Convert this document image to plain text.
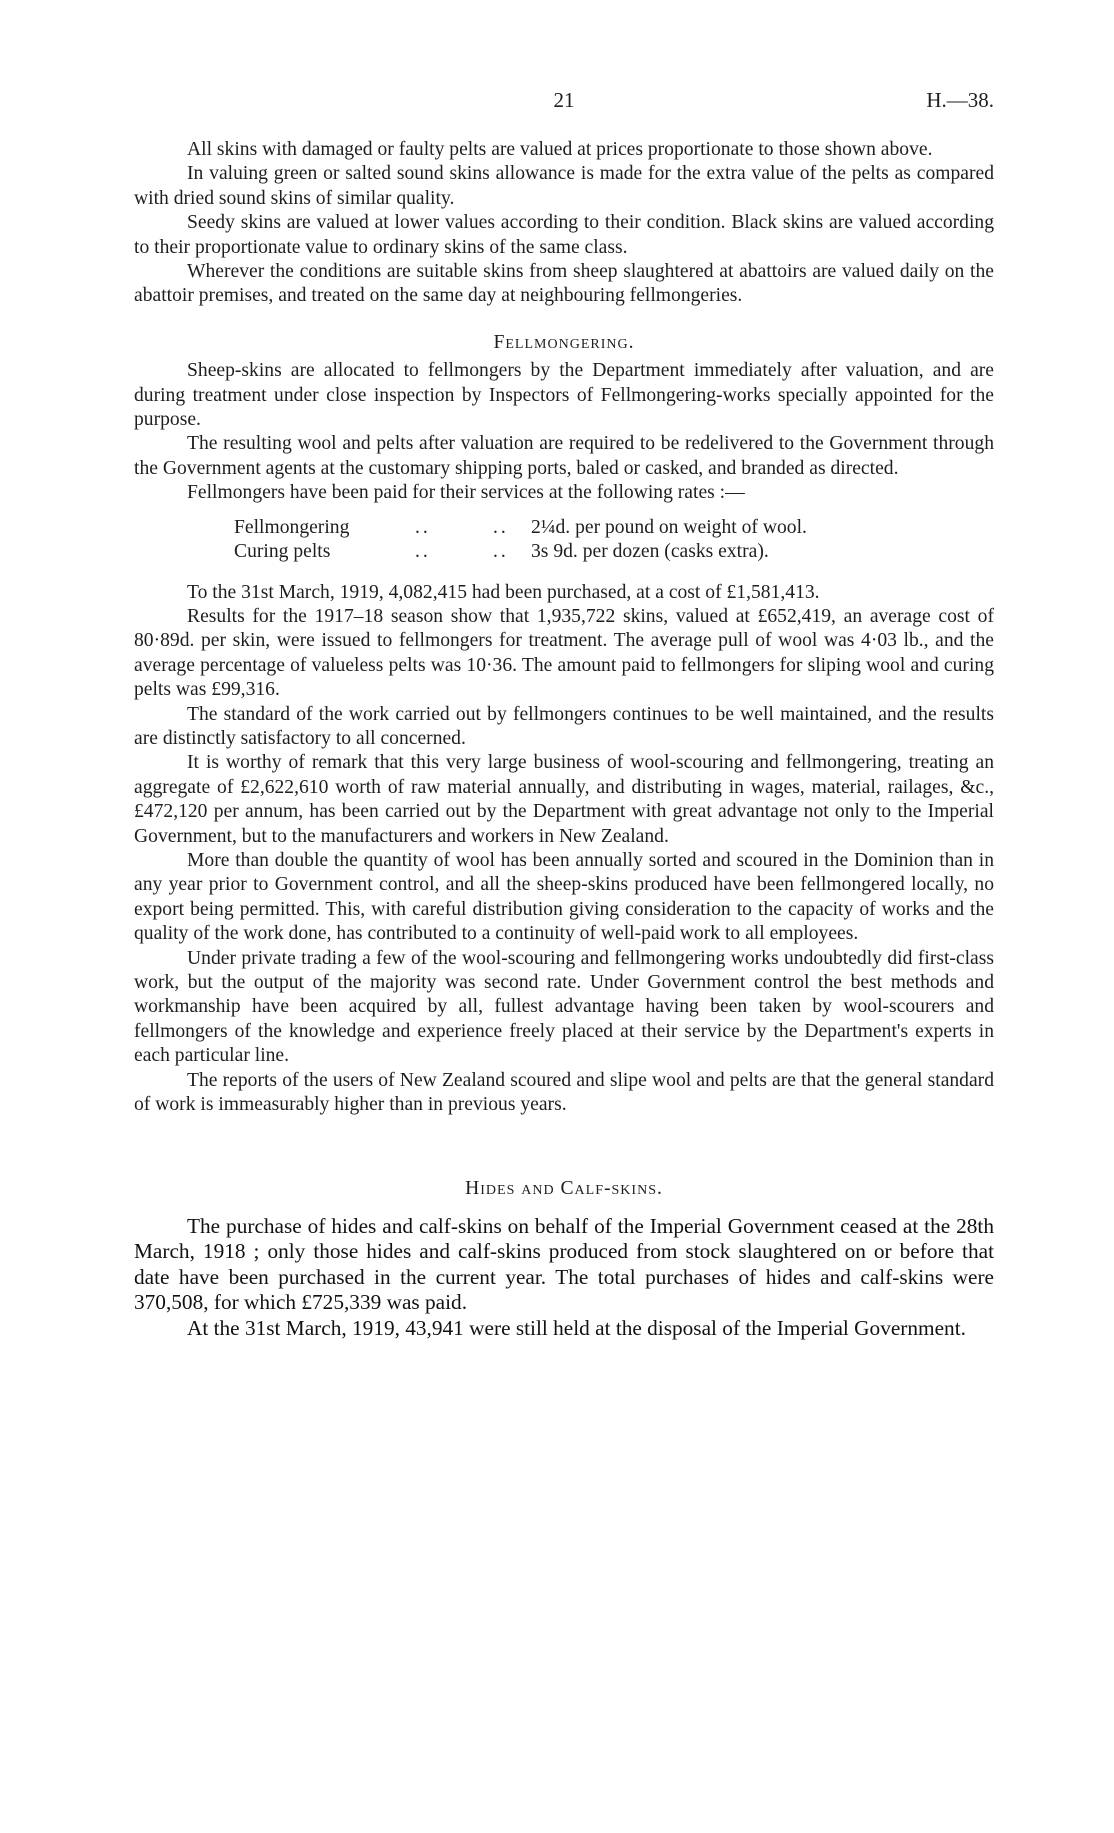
21	H.—38.

All skins with damaged or faulty pelts are valued at prices proportionate to those shown above.

In valuing green or salted sound skins allowance is made for the extra value of the pelts as compared with dried sound skins of similar quality.

Seedy skins are valued at lower values according to their condition. Black skins are valued according to their proportionate value to ordinary skins of the same class.

Wherever the conditions are suitable skins from sheep slaughtered at abattoirs are valued daily on the abattoir premises, and treated on the same day at neighbouring fellmongeries.

Fellmongering.

Sheep-skins are allocated to fellmongers by the Department immediately after valuation, and are during treatment under close inspection by Inspectors of Fellmongering-works specially appointed for the purpose.

The resulting wool and pelts after valuation are required to be redelivered to the Government through the Government agents at the customary shipping ports, baled or casked, and branded as directed.

Fellmongers have been paid for their services at the following rates :—

Fellmongering	..	..	2¼d. per pound on weight of wool.
Curing pelts	..	..	3s 9d. per dozen (casks extra).

To the 31st March, 1919, 4,082,415 had been purchased, at a cost of £1,581,413.

Results for the 1917–18 season show that 1,935,722 skins, valued at £652,419, an average cost of 80·89d. per skin, were issued to fellmongers for treatment. The average pull of wool was 4·03 lb., and the average percentage of valueless pelts was 10·36. The amount paid to fellmongers for sliping wool and curing pelts was £99,316.

The standard of the work carried out by fellmongers continues to be well maintained, and the results are distinctly satisfactory to all concerned.

It is worthy of remark that this very large business of wool-scouring and fellmongering, treating an aggregate of £2,622,610 worth of raw material annually, and distributing in wages, material, railages, &c., £472,120 per annum, has been carried out by the Department with great advantage not only to the Imperial Government, but to the manufacturers and workers in New Zealand.

More than double the quantity of wool has been annually sorted and scoured in the Dominion than in any year prior to Government control, and all the sheep-skins produced have been fellmongered locally, no export being permitted. This, with careful distribution giving consideration to the capacity of works and the quality of the work done, has contributed to a continuity of well-paid work to all employees.

Under private trading a few of the wool-scouring and fellmongering works undoubtedly did first-class work, but the output of the majority was second rate. Under Government control the best methods and workmanship have been acquired by all, fullest advantage having been taken by wool-scourers and fellmongers of the knowledge and experience freely placed at their service by the Department's experts in each particular line.

The reports of the users of New Zealand scoured and slipe wool and pelts are that the general standard of work is immeasurably higher than in previous years.

Hides and Calf-skins.

The purchase of hides and calf-skins on behalf of the Imperial Government ceased at the 28th March, 1918 ; only those hides and calf-skins produced from stock slaughtered on or before that date have been purchased in the current year. The total purchases of hides and calf-skins were 370,508, for which £725,339 was paid.

At the 31st March, 1919, 43,941 were still held at the disposal of the Imperial Government.
